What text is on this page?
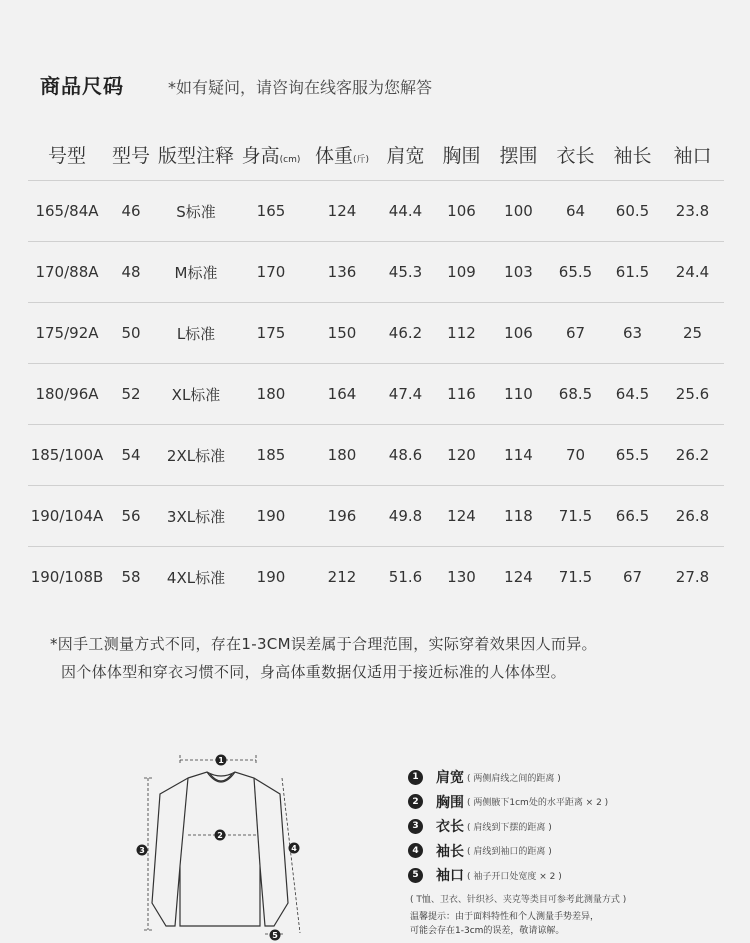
商品尺码	*如有疑问，请咨询在线客服为您解答
号型	型号	版型注释	身高(cm)	体重(斤)	肩宽	胸围	摆围	衣长	袖长	袖口
165/84A	46	S标准	165	124	44.4	106	100	64	60.5	23.8
170/88A	48	M标准	170	136	45.3	109	103	65.5	61.5	24.4
175/92A	50	L标准	175	150	46.2	112	106	67	63	25
180/96A	52	XL标准	180	164	47.4	116	110	68.5	64.5	25.6
185/100A	54	2XL标准	185	180	48.6	120	114	70	65.5	26.2
190/104A	56	3XL标准	190	196	49.8	124	118	71.5	66.5	26.8
190/108B	58	4XL标准	190	212	51.6	130	124	71.5	67	27.8
*因手工测量方式不同，存在1-3CM误差属于合理范围，实际穿着效果因人而异。
因个体体型和穿衣习惯不同，身高体重数据仅适用于接近标准的人体体型。
1
2
3	4
5
1	肩宽 ( 两侧肩线之间的距离 )
2	胸围 ( 两侧腋下1cm处的水平距离 × 2 )
3	衣长 ( 肩线到下摆的距离 )
4	袖长 ( 肩线到袖口的距离 )
5	袖口 ( 袖子开口处宽度 × 2 )
( T恤、卫衣、针织衫、夹克等类目可参考此测量方式 )
温馨提示：由于面料特性和个人测量手势差异，
可能会存在1-3cm的误差，敬请谅解。
